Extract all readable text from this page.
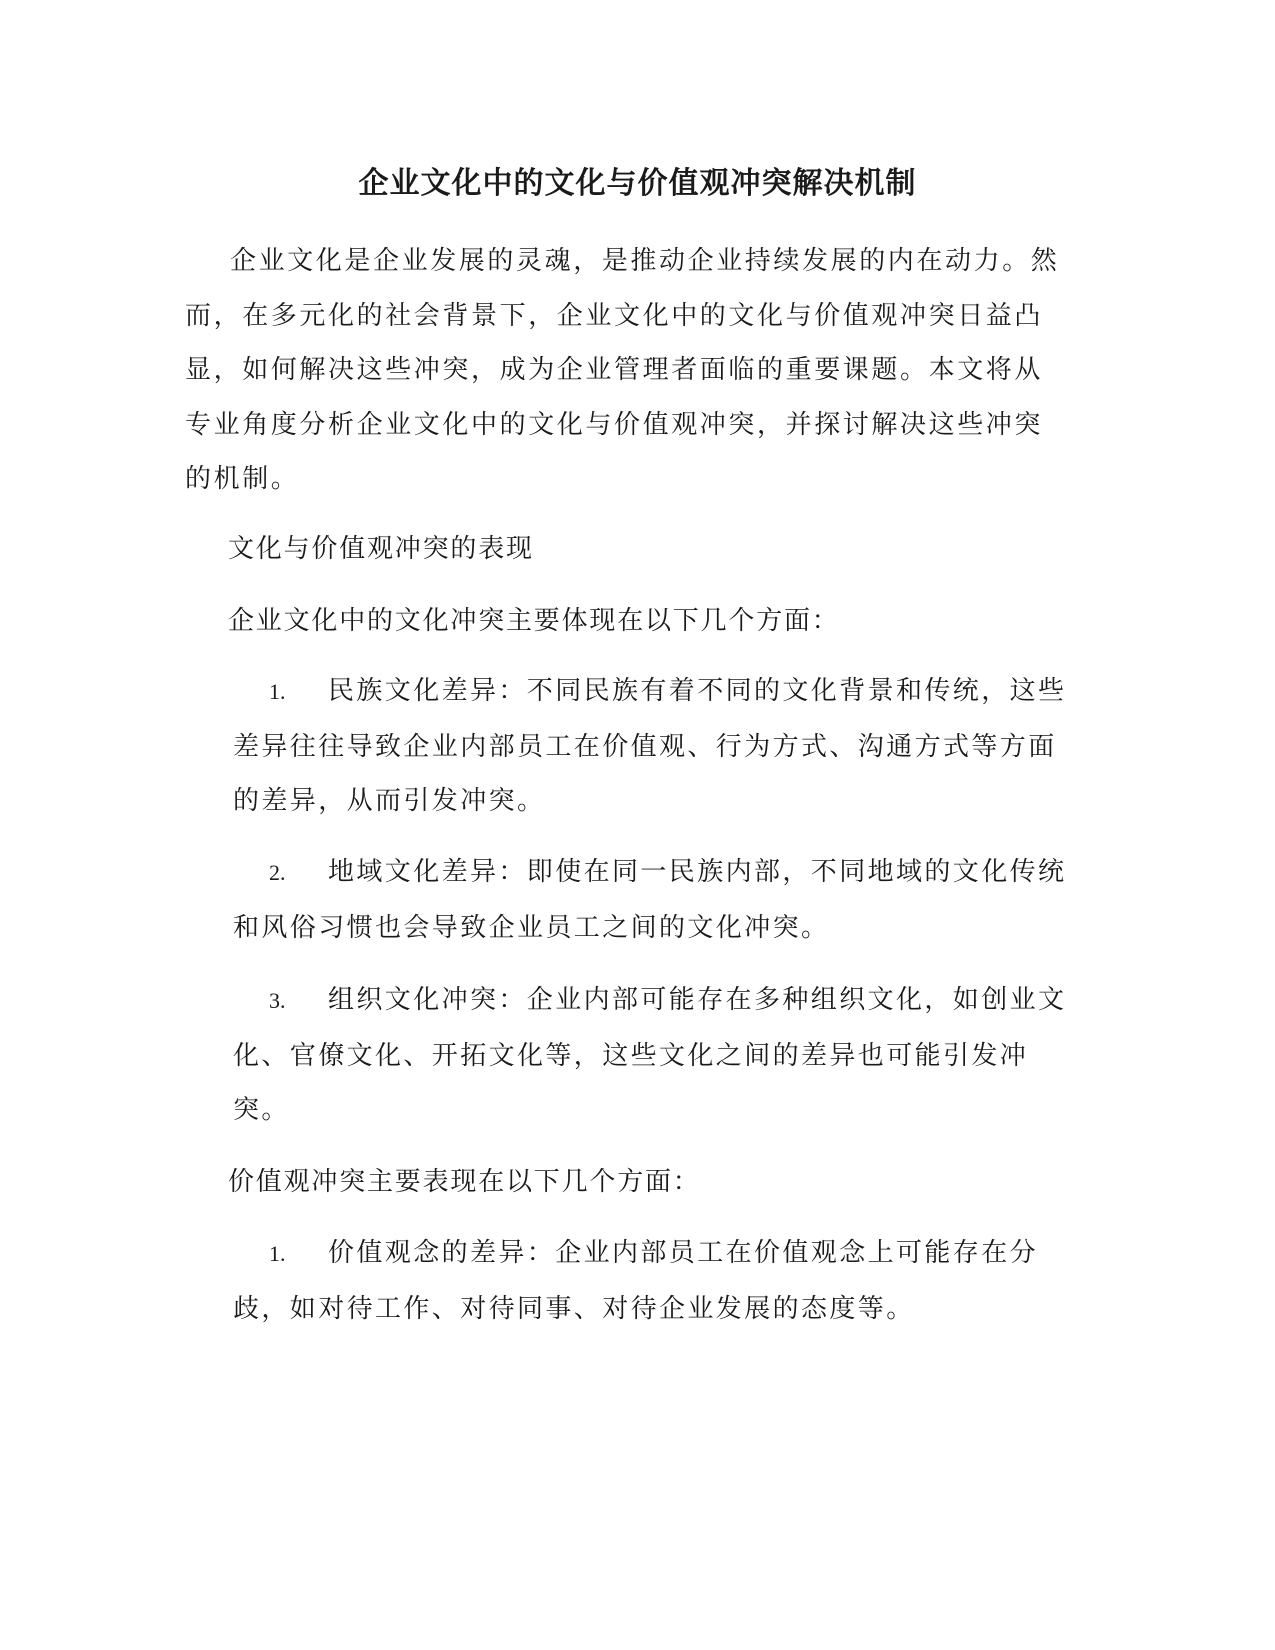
企业文化中的文化与价值观冲突解决机制

企业文化是企业发展的灵魂，是推动企业持续发展的内在动力。然而，在多元化的社会背景下，企业文化中的文化与价值观冲突日益凸显，如何解决这些冲突，成为企业管理者面临的重要课题。本文将从专业角度分析企业文化中的文化与价值观冲突，并探讨解决这些冲突的机制。

文化与价值观冲突的表现

企业文化中的文化冲突主要体现在以下几个方面：

1. 民族文化差异：不同民族有着不同的文化背景和传统，这些差异往往导致企业内部员工在价值观、行为方式、沟通方式等方面的差异，从而引发冲突。

2. 地域文化差异：即使在同一民族内部，不同地域的文化传统和风俗习惯也会导致企业员工之间的文化冲突。

3. 组织文化冲突：企业内部可能存在多种组织文化，如创业文化、官僚文化、开拓文化等，这些文化之间的差异也可能引发冲突。

价值观冲突主要表现在以下几个方面：

1. 价值观念的差异：企业内部员工在价值观念上可能存在分歧，如对待工作、对待同事、对待企业发展的态度等。
